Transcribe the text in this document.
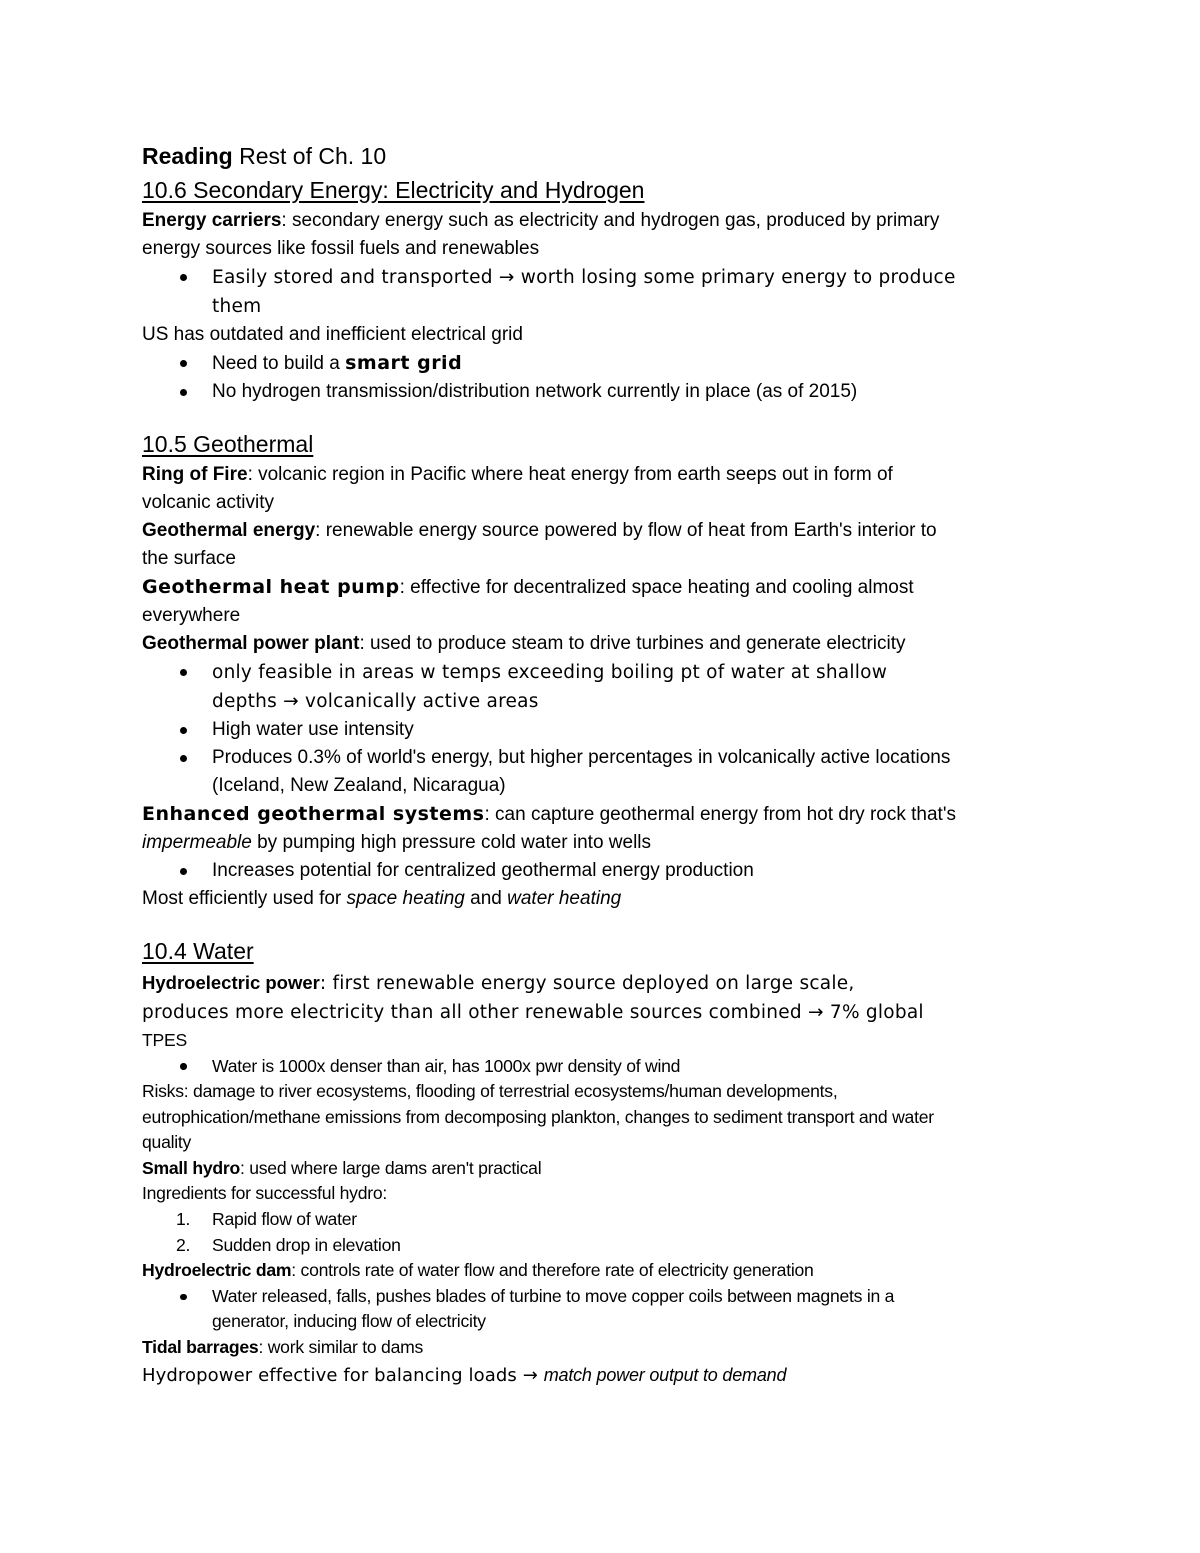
Reading Rest of Ch. 10
10.6 Secondary Energy: Electricity and Hydrogen
Energy carriers: secondary energy such as electricity and hydrogen gas, produced by primary
energy sources like fossil fuels and renewables
Easily stored and transported → worth losing some primary energy to produce
them
US has outdated and inefficient electrical grid
Need to build a smart grid
No hydrogen transmission/distribution network currently in place (as of 2015)
10.5 Geothermal
Ring of Fire: volcanic region in Pacific where heat energy from earth seeps out in form of
volcanic activity
Geothermal energy: renewable energy source powered by flow of heat from Earth's interior to
the surface
Geothermal heat pump: effective for decentralized space heating and cooling almost
everywhere
Geothermal power plant: used to produce steam to drive turbines and generate electricity
only feasible in areas w temps exceeding boiling pt of water at shallow
depths → volcanically active areas
High water use intensity
Produces 0.3% of world's energy, but higher percentages in volcanically active locations
(Iceland, New Zealand, Nicaragua)
Enhanced geothermal systems: can capture geothermal energy from hot dry rock that's
impermeable by pumping high pressure cold water into wells
Increases potential for centralized geothermal energy production
Most efficiently used for space heating and water heating
10.4 Water
Hydroelectric power: first renewable energy source deployed on large scale,
produces more electricity than all other renewable sources combined → 7% global
TPES
Water is 1000x denser than air, has 1000x pwr density of wind
Risks: damage to river ecosystems, flooding of terrestrial ecosystems/human developments,
eutrophication/methane emissions from decomposing plankton, changes to sediment transport and water
quality
Small hydro: used where large dams aren't practical
Ingredients for successful hydro:
1. Rapid flow of water
2. Sudden drop in elevation
Hydroelectric dam: controls rate of water flow and therefore rate of electricity generation
Water released, falls, pushes blades of turbine to move copper coils between magnets in a
generator, inducing flow of electricity
Tidal barrages: work similar to dams
Hydropower effective for balancing loads → match power output to demand
